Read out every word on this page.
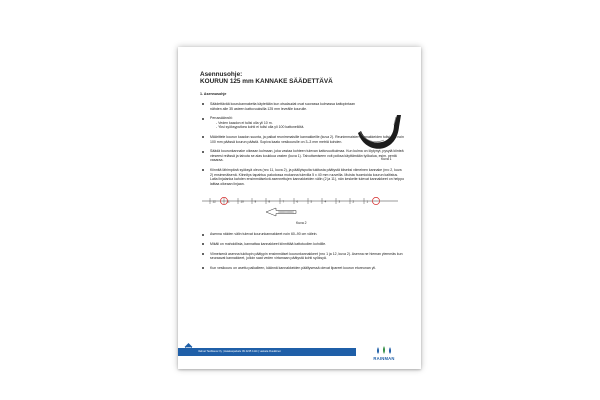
Asennusohje:
KOURUN 125 mm KANNAKE SÄÄDETTÄVÄ
1. Asennusohje
Säädettävää kourukannaketta käytetään kun otsalaudat ovat suorassa kulmassa kattopintaan nähden alle 35 asteen kattovuuksilla 125 mm leveälle kourulle.
Perussäännöt:
- Veden kaadon ei tulisi olla yli 10 m.
- Yksi syöksyputkea kohti ei tulisi olla yli 100 kattoneliötä.
Määrittele kourun kaadon suunta, ja paikat reunimmaisille kannakkeille (kuva 2). Reunimmaisten kannakkeiden tulisi olla noin 100 mm päässä kourun päästä. Sopiva kaato vesikourulle on 3–3 mm metriä kohden.
Säädä kourunkannake oikeaan kulmaan, joka vastaa kohteen tulevan kattovuutkulmaa. Kun kulma on löytynyt, pysytä kiinteä vieseesi reiässä ja taivuta se alas koukkua vasten (kuva 1). Taivuttamiseen voit poiksa käyttämään työkalua, esim. pentä vasaraa.
Kiinnitä lähimpänä syöksyä oleva (nro 11, kuva 2), ja päällyispuita tukitusta päätystä kiiseksi viimeinen kannake (nro 2, kuva 2) ensimmäisenä. Kiinnitys tapahtuu pakotossa mukanna tulevilla 5 x 40 mm ruuveilla. Muista huomioida kourun kaltistus. Laita linjalanka kahden ensimmäisekvä asennettujen kannakkeiden välin (2 ja 11), nän keskeite tulevat kannakkeet on helppo laittaa oikeaan linjaan.
12	11	10	9	8	7	6	5	4	3	2	1
Kuva 2
Asenna näiden välin tulevat kourunkannakkeet noin 60–90 cm välein.
Mikäli on mahdollista, kannattaa kannakkeet kiinnittää kattotuolien kohdille.
Viimeisenä asenna tukitupin päätypin ensimmäiset kourunkannakkeet (nro 1 ja 12, kuva 2). Asenna ne hieman ylemmäs kun seuraavat kannakkeet, jolloin saat veden virtamaan päätystä kohti syöksyä.
Kun vesikouru on asettu paikalleen, käännä kannakkeiden päällysessä olevat lipareet kourun etureunan yli.
Kuva 1
Valmet Teollisuus Oy | Asiakaspalvelu 09 4245 1114 | vaskela Ruukkinet
RAINMAN
